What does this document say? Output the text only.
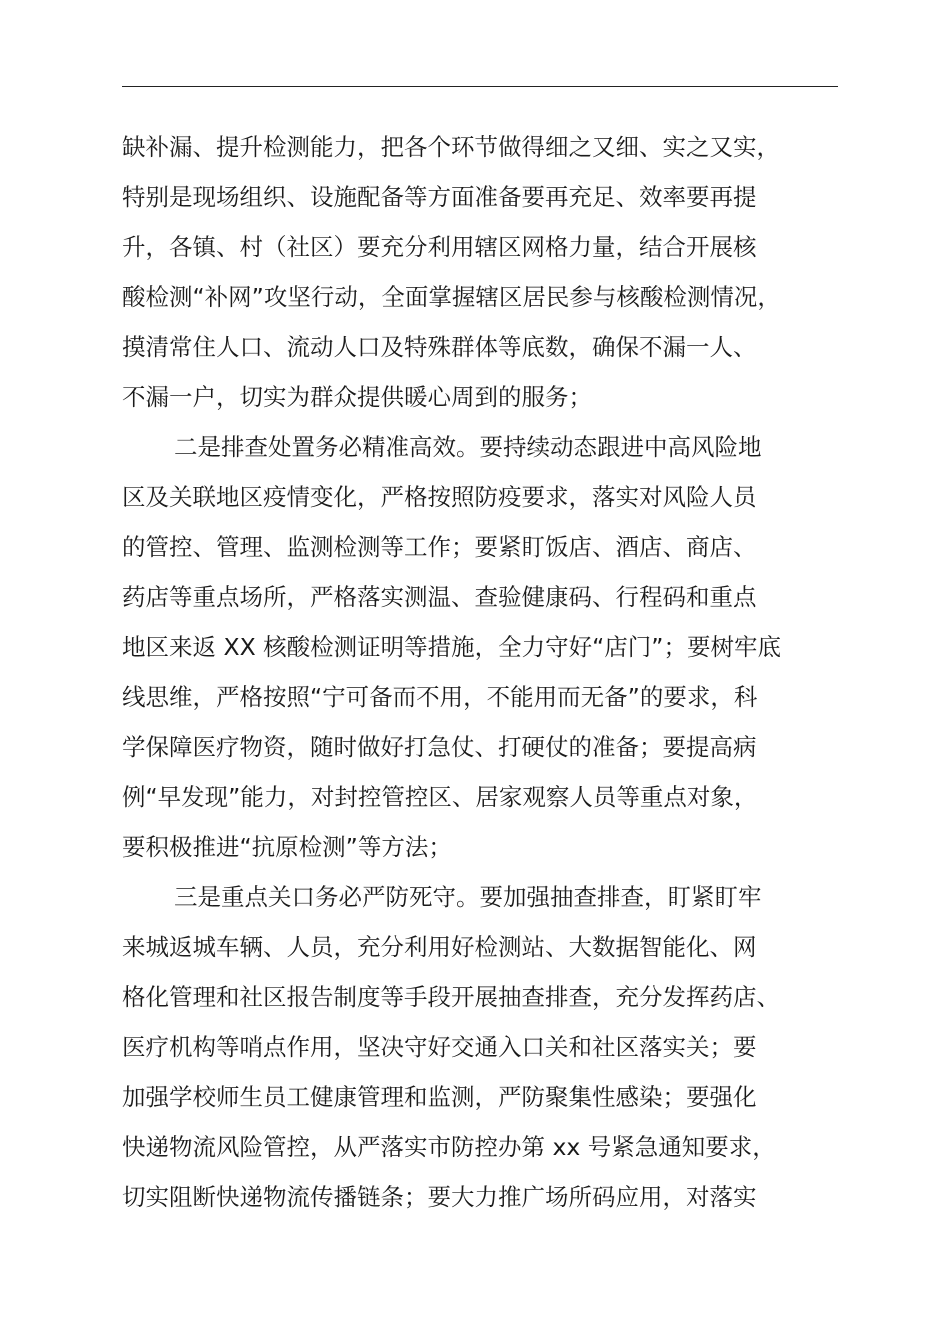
缺补漏、提升检测能力，把各个环节做得细之又细、实之又实，
特别是现场组织、设施配备等方面准备要再充足、效率要再提
升，各镇、村（社区）要充分利用辖区网格力量，结合开展核
酸检测“补网”攻坚行动，全面掌握辖区居民参与核酸检测情况，
摸清常住人口、流动人口及特殊群体等底数，确保不漏一人、
不漏一户，切实为群众提供暖心周到的服务；
二是排查处置务必精准高效。要持续动态跟进中高风险地
区及关联地区疫情变化，严格按照防疫要求，落实对风险人员
的管控、管理、监测检测等工作；要紧盯饭店、酒店、商店、
药店等重点场所，严格落实测温、查验健康码、行程码和重点
地区来返 XX 核酸检测证明等措施，全力守好“店门”；要树牢底
线思维，严格按照“宁可备而不用，不能用而无备”的要求，科
学保障医疗物资，随时做好打急仗、打硬仗的准备；要提高病
例“早发现”能力，对封控管控区、居家观察人员等重点对象，
要积极推进“抗原检测”等方法；
三是重点关口务必严防死守。要加强抽查排查，盯紧盯牢
来城返城车辆、人员，充分利用好检测站、大数据智能化、网
格化管理和社区报告制度等手段开展抽查排查，充分发挥药店、
医疗机构等哨点作用，坚决守好交通入口关和社区落实关；要
加强学校师生员工健康管理和监测，严防聚集性感染；要强化
快递物流风险管控，从严落实市防控办第 xx 号紧急通知要求，
切实阻断快递物流传播链条；要大力推广场所码应用，对落实
